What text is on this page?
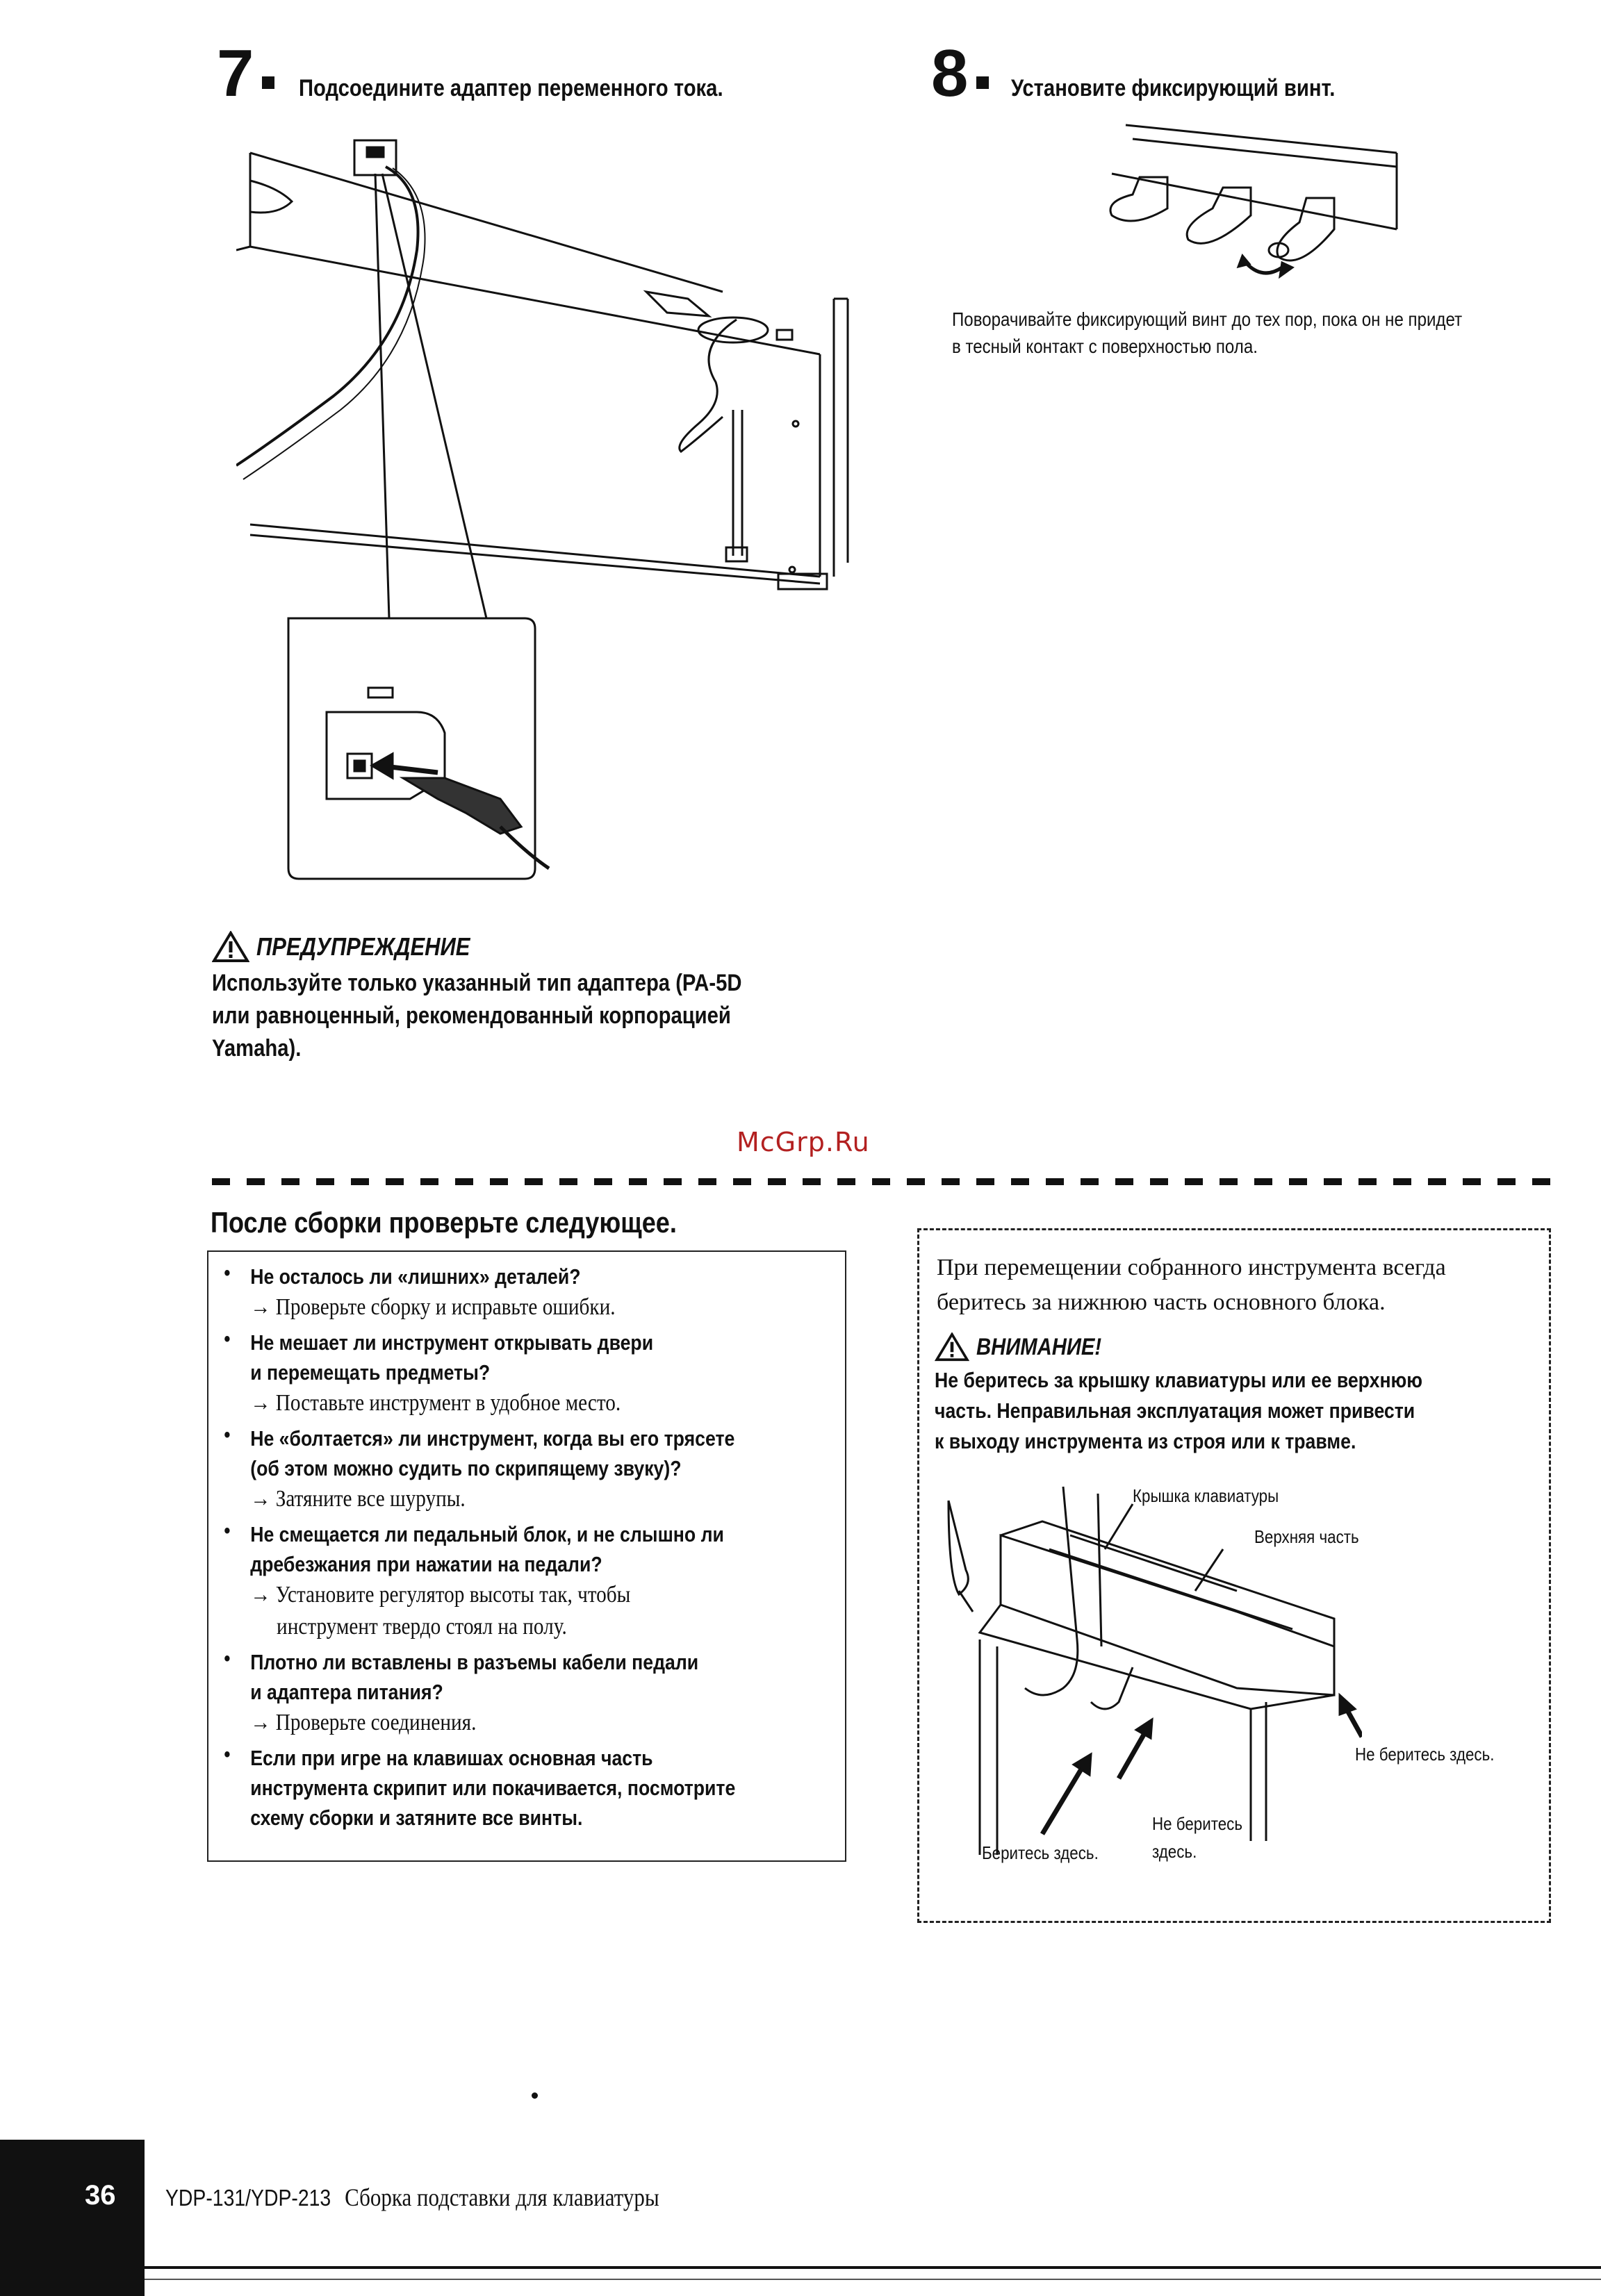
7	Подсоедините адаптер переменного тока.	8	Установите фиксирующий винт.
Поворачивайте фиксирующий винт до тех пор, пока он не придет
в тесный контакт с поверхностью пола.
ПРЕДУПРЕЖДЕНИЕ
Используйте только указанный тип адаптера (PA-5D
или равноценный, рекомендованный корпорацией
Yamaha).
McGrp.Ru
После сборки проверьте следующее.
• Не осталось ли «лишних» деталей?
→ Проверьте сборку и исправьте ошибки.
• Не мешает ли инструмент открывать двери
и перемещать предметы?
→ Поставьте инструмент в удобное место.
• Не «болтается» ли инструмент, когда вы его трясете
(об этом можно судить по скрипящему звуку)?
→ Затяните все шурупы.
• Не смещается ли педальный блок, и не слышно ли
дребезжания при нажатии на педали?
→ Установите регулятор высоты так, чтобы
инструмент твердо стоял на полу.
• Плотно ли вставлены в разъемы кабели педали
и адаптера питания?
→ Проверьте соединения.
• Если при игре на клавишах основная часть
инструмента скрипит или покачивается, посмотрите
схему сборки и затяните все винты.
При перемещении собранного инструмента всегда
беритесь за нижнюю часть основного блока.
ВНИМАНИЕ!
Не беритесь за крышку клавиатуры или ее верхнюю
часть. Неправильная эксплуатация может привести
к выходу инструмента из строя или к травме.
Крышка клавиатуры
Верхняя часть
Не беритесь здесь.
Не беритесь
здесь.
Беритесь здесь.
36 YDP-131/YDP-213 Сборка подставки для клавиатуры
